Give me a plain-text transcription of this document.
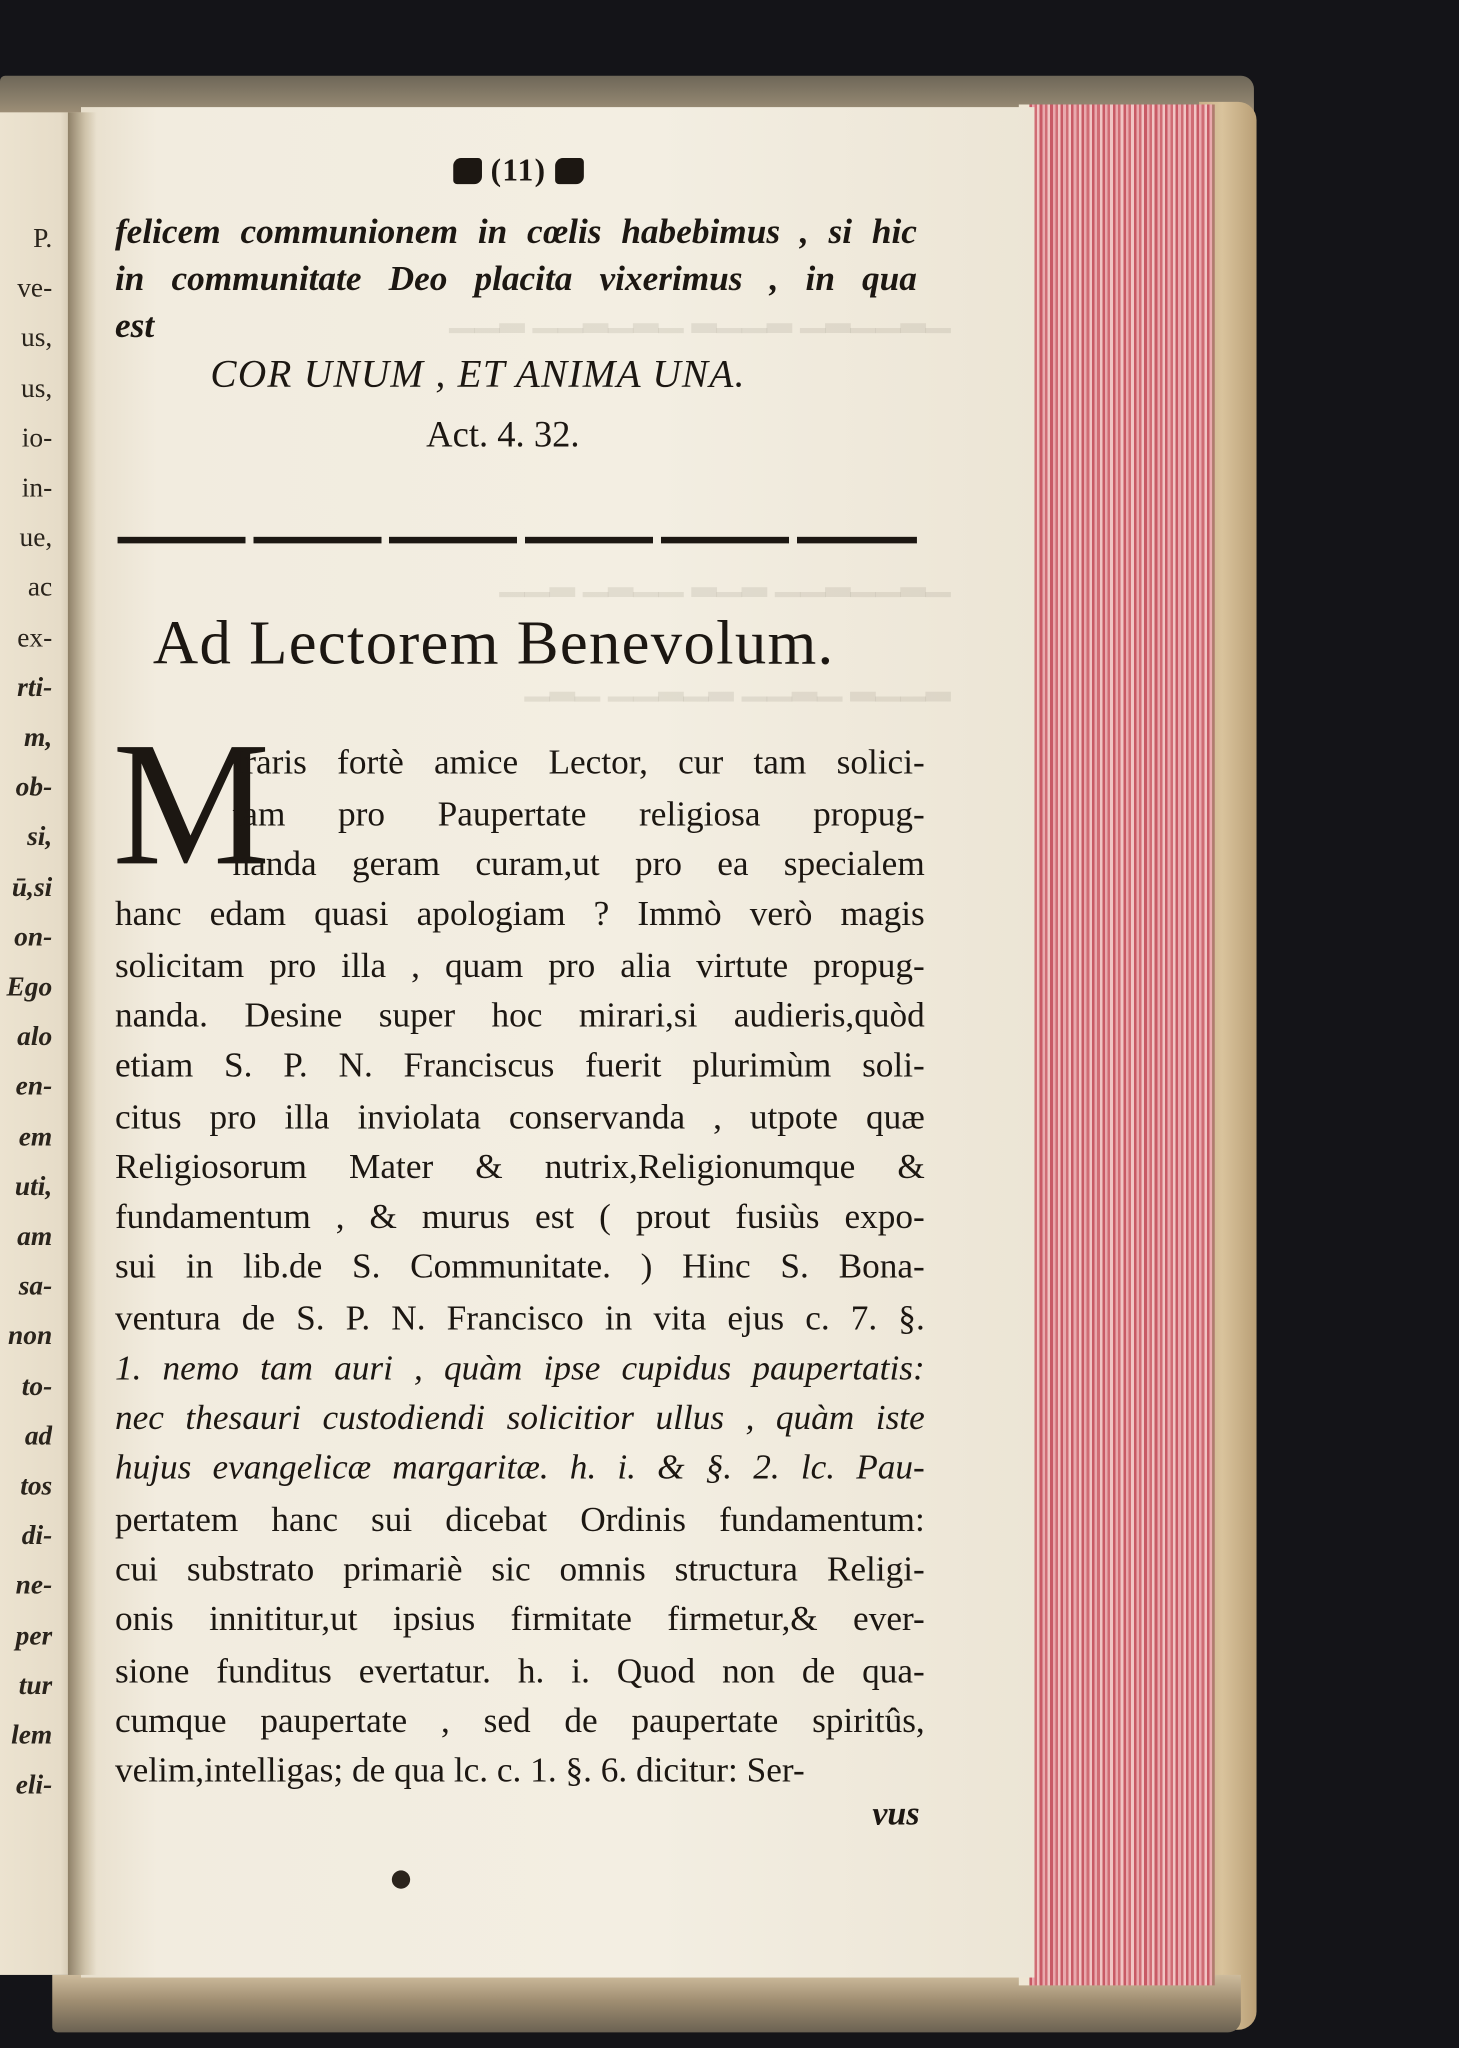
P.
ve-
us,
us,
io-
in-
ue,
ac
ex-
rti-
m,
ob-
si,
ū,si
on-
Ego
alo
en-
em
uti,
am
sa-
non
to-
ad
tos
di-
ne-
per
tur
lem
eli-
▁▂▁▁▂▁ ▂▁▁▂ ▁▂▁▂▁▁ ▂▁▁
▁▂▁▁▂▁▁ ▂▁▂ ▁▁▂▁ ▂▁▁
▂▁▁▂ ▁▂▁▁ ▂▁▂▁▁ ▁▂▁
(11)
felicem communionem in cœlis habebimus , si hic
in communitate Deo placita vixerimus , in qua
est
COR UNUM , ET ANIMA UNA.
Act. 4. 32.
Ad Lectorem Benevolum.
M
Iraris fortè amice Lector, cur tam solici-
tam pro Paupertate religiosa propug-
nanda geram curam,ut pro ea specialem
hanc edam quasi apologiam ? Immò verò magis
solicitam pro illa , quam pro alia virtute propug-
nanda. Desine super hoc mirari,si audieris,quòd
etiam S. P. N. Franciscus fuerit plurimùm soli-
citus pro illa inviolata conservanda , utpote quæ
Religiosorum Mater & nutrix,Religionumque &
fundamentum , & murus est ( prout fusiùs expo-
sui in lib.de S. Communitate. ) Hinc S. Bona-
ventura de S. P. N. Francisco in vita ejus c. 7. §.
1. nemo tam auri , quàm ipse cupidus paupertatis:
nec thesauri custodiendi solicitior ullus , quàm iste
hujus evangelicæ margaritæ. h. i. & §. 2. lc. Pau-
pertatem hanc sui dicebat Ordinis fundamentum:
cui substrato primariè sic omnis structura Religi-
onis innititur,ut ipsius firmitate firmetur,& ever-
sione funditus evertatur. h. i. Quod non de qua-
cumque paupertate , sed de paupertate spiritûs,
velim,intelligas; de qua lc. c. 1. §. 6. dicitur: Ser-
vus
